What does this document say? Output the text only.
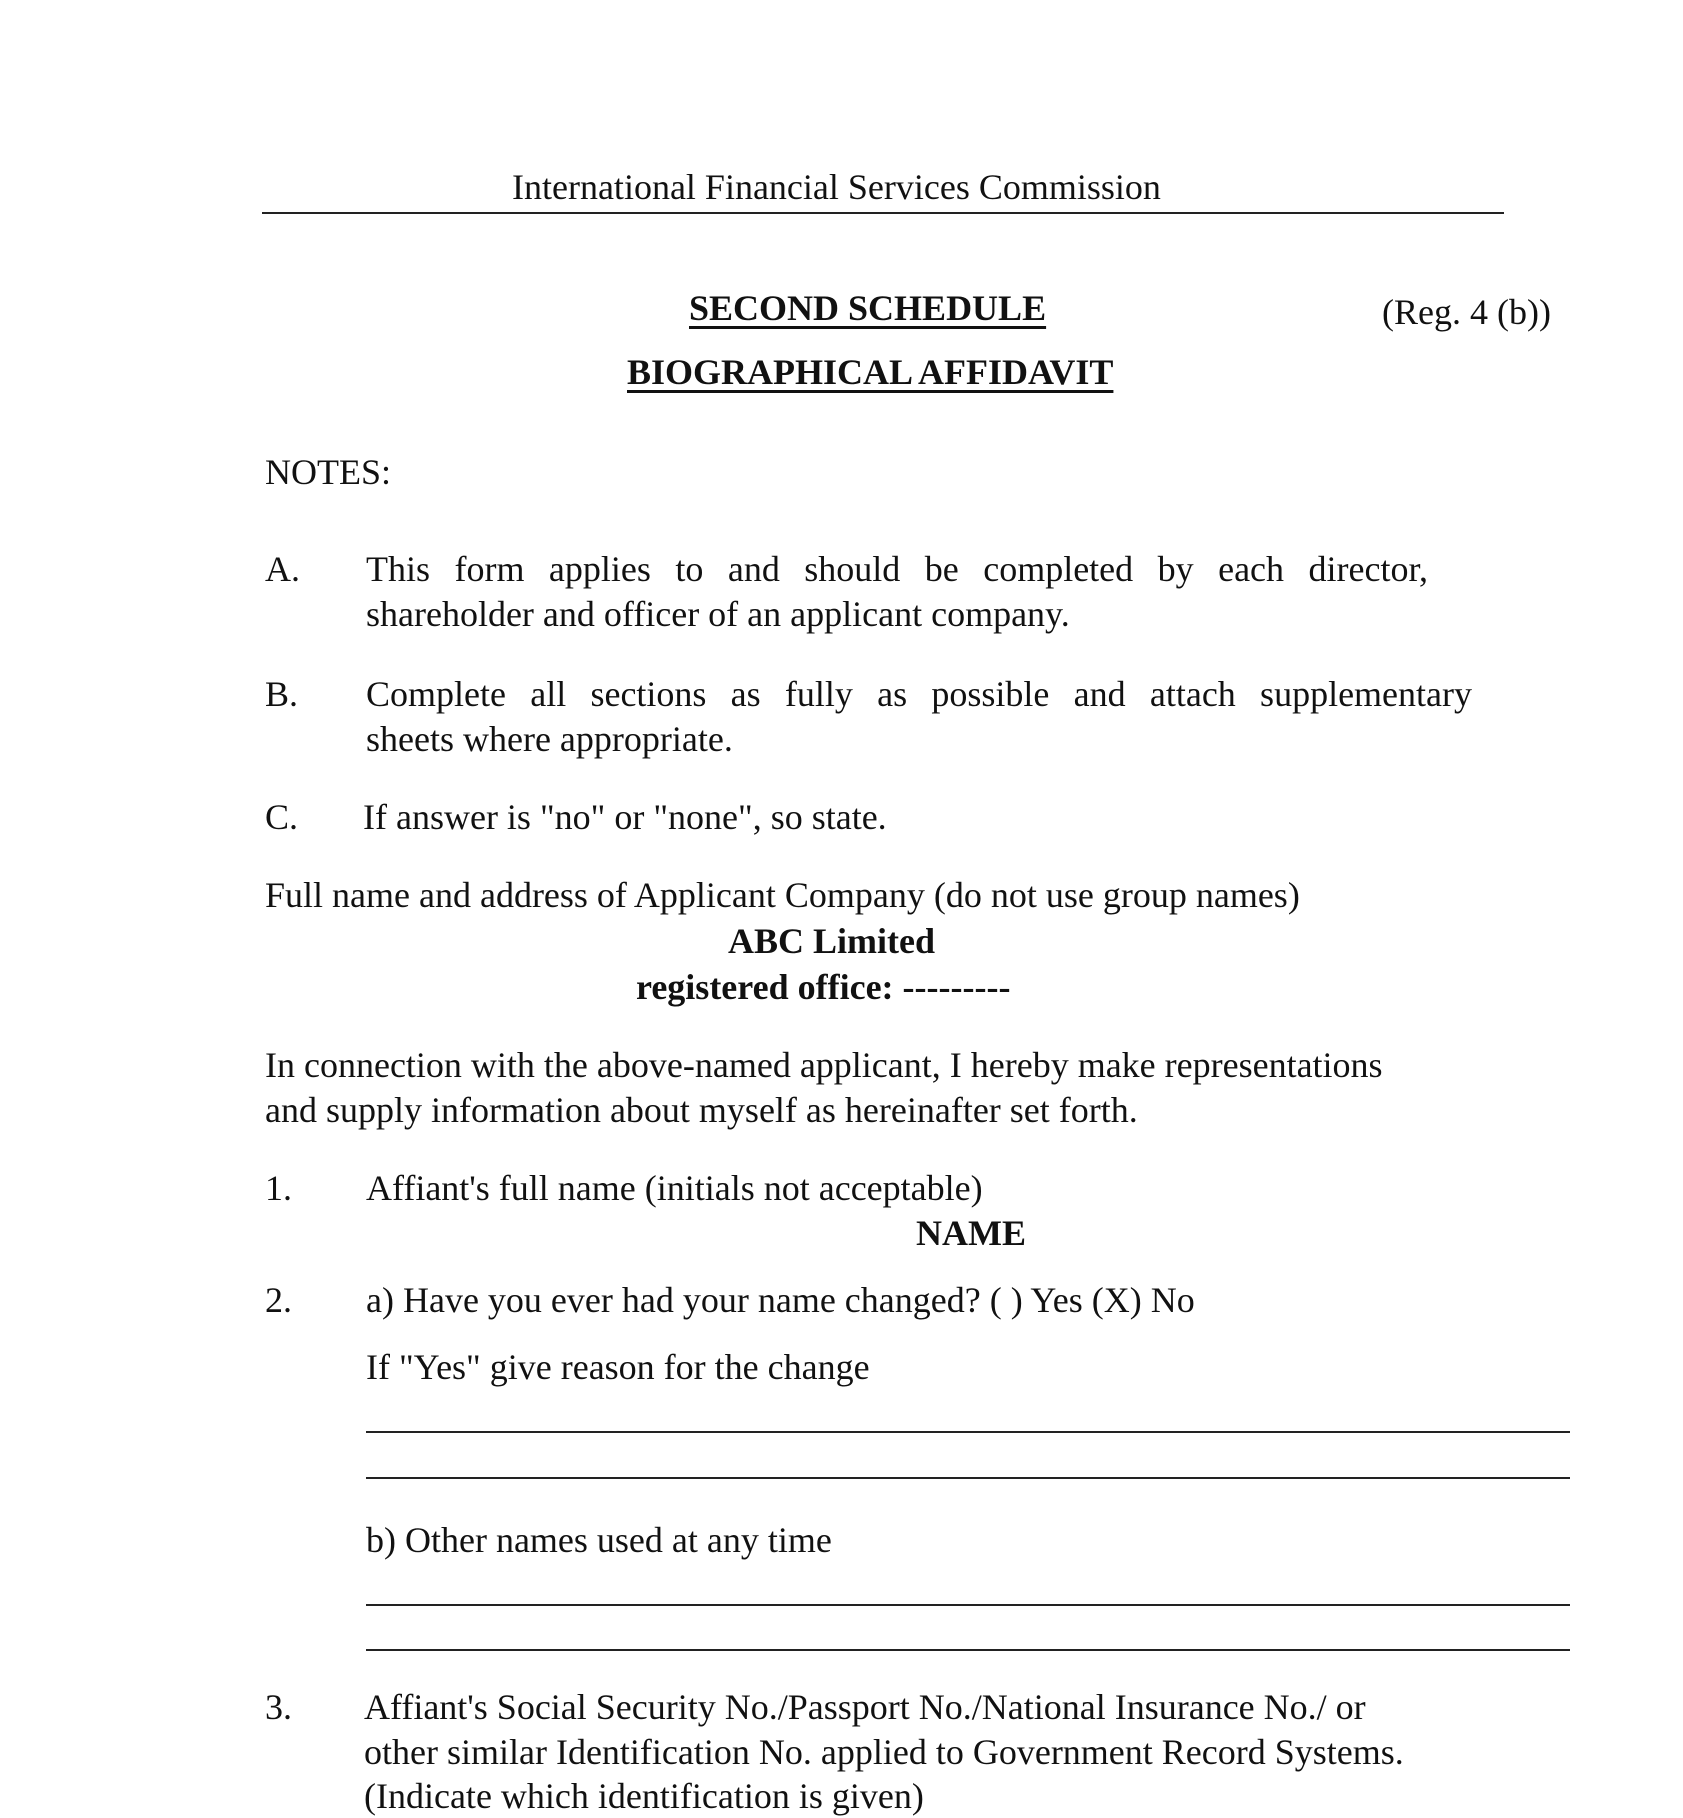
International Financial Services Commission
SECOND SCHEDULE	(Reg. 4 (b))
BIOGRAPHICAL AFFIDAVIT
NOTES:
A. This form applies to and should be completed by each director,
shareholder and officer of an applicant company.
B. Complete all sections as fully as possible and attach supplementary
sheets where appropriate.
C. If answer is "no" or "none", so state.
Full name and address of Applicant Company (do not use group names)
ABC Limited
registered office: ---------
In connection with the above-named applicant, I hereby make representations
and supply information about myself as hereinafter set forth.
1. Affiant's full name (initials not acceptable)
NAME
2. a) Have you ever had your name changed? ( ) Yes (X) No
If "Yes" give reason for the change
b) Other names used at any time
3. Affiant's Social Security No./Passport No./National Insurance No./ or
other similar Identification No. applied to Government Record Systems.
(Indicate which identification is given)
